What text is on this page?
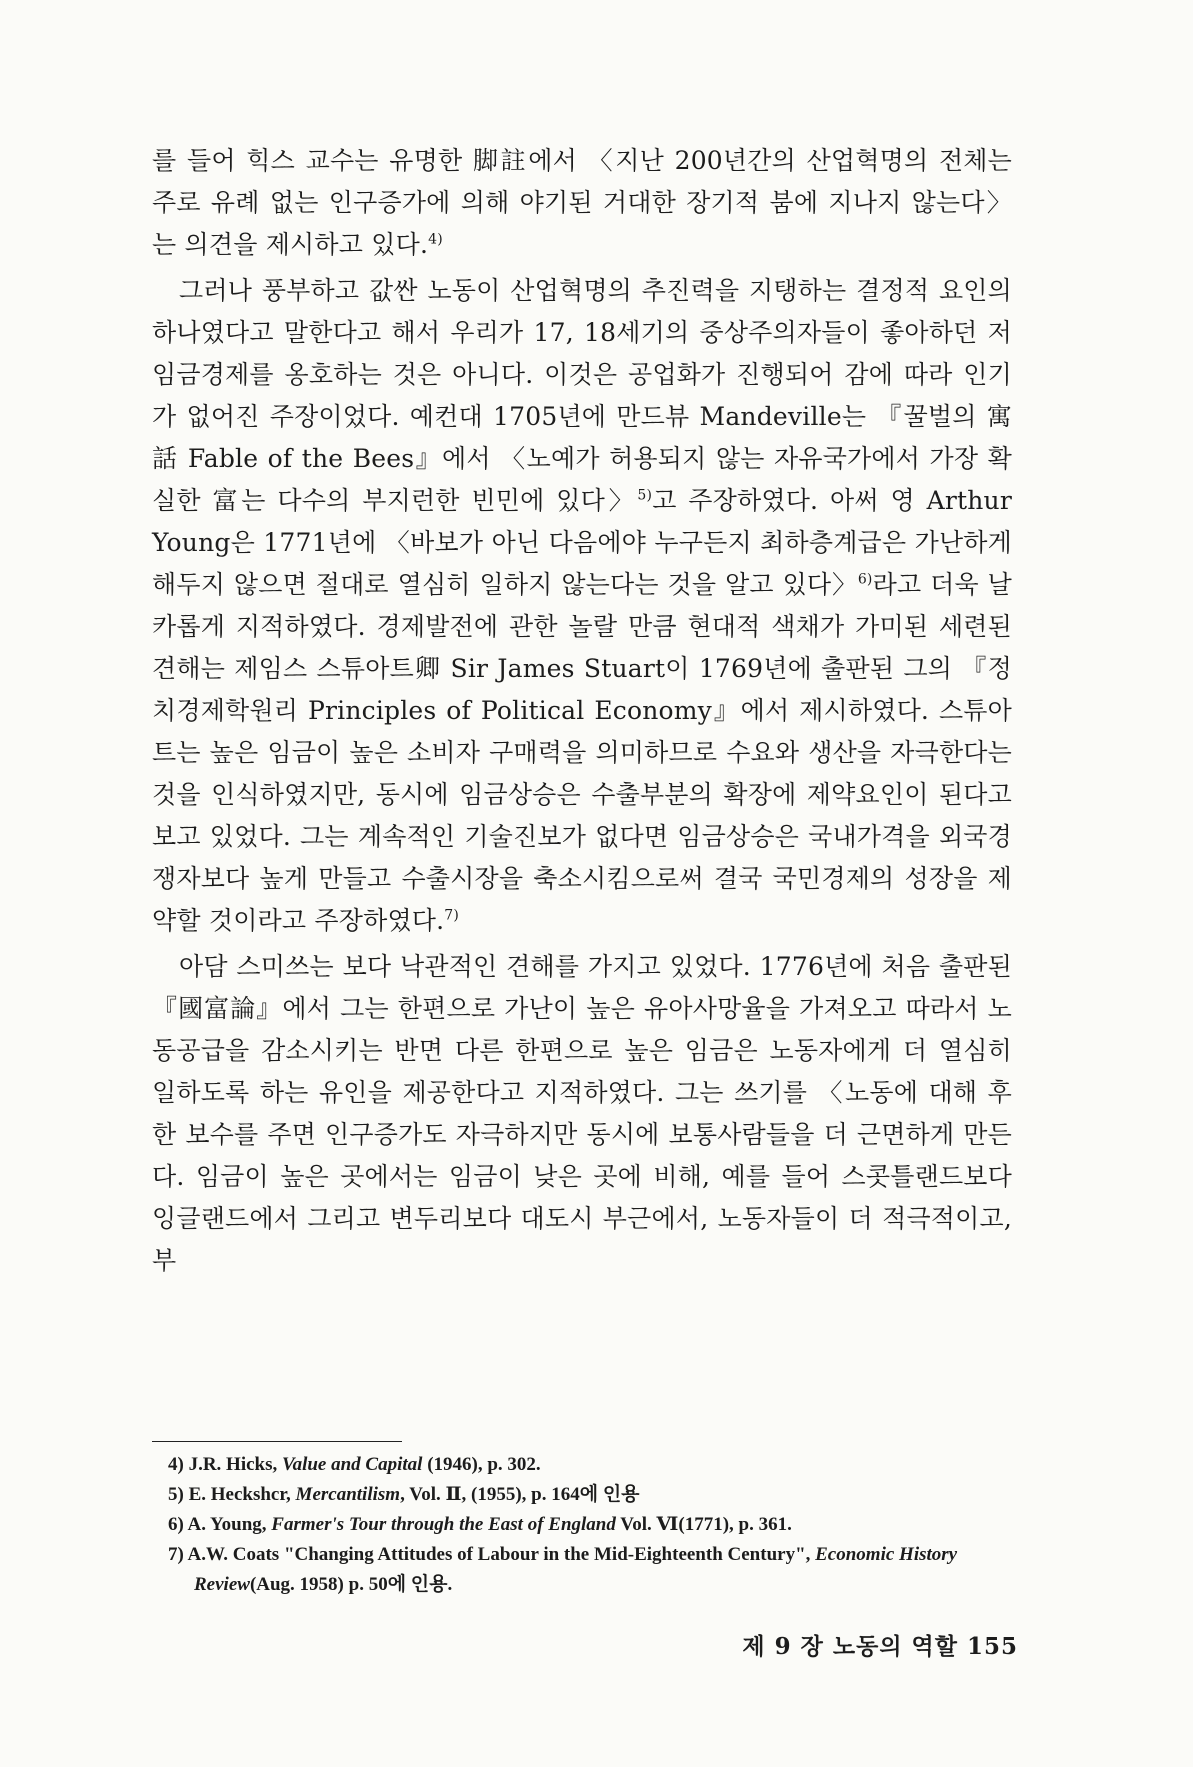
를 들어 힉스 교수는 유명한 脚註에서 〈지난 200년간의 산업혁명의 전체는 주로 유례 없는 인구증가에 의해 야기된 거대한 장기적 붐에 지나지 않는다〉는 의견을 제시하고 있다.$^{4)}$

그러나 풍부하고 값싼 노동이 산업혁명의 추진력을 지탱하는 결정적 요인의 하나였다고 말한다고 해서 우리가 17, 18세기의 중상주의자들이 좋아하던 저임금경제를 옹호하는 것은 아니다. 이것은 공업화가 진행되어 감에 따라 인기가 없어진 주장이었다. 예컨대 1705년에 만드뷰 Mandeville는 『꿀벌의 寓話 Fable of the Bees』에서 〈노예가 허용되지 않는 자유국가에서 가장 확실한 富는 다수의 부지런한 빈민에 있다〉$^{5)}$고 주장하였다. 아써 영 Arthur Young은 1771년에 〈바보가 아닌 다음에야 누구든지 최하층계급은 가난하게 해두지 않으면 절대로 열심히 일하지 않는다는 것을 알고 있다〉$^{6)}$라고 더욱 날카롭게 지적하였다. 경제발전에 관한 놀랄 만큼 현대적 색채가 가미된 세련된 견해는 제임스 스튜아트卿 Sir James Stuart이 1769년에 출판된 그의 『정치경제학원리 Principles of Political Economy』에서 제시하였다. 스튜아트는 높은 임금이 높은 소비자 구매력을 의미하므로 수요와 생산을 자극한다는 것을 인식하였지만, 동시에 임금상승은 수출부분의 확장에 제약요인이 된다고 보고 있었다. 그는 계속적인 기술진보가 없다면 임금상승은 국내가격을 외국경쟁자보다 높게 만들고 수출시장을 축소시킴으로써 결국 국민경제의 성장을 제약할 것이라고 주장하였다.$^{7)}$

아담 스미쓰는 보다 낙관적인 견해를 가지고 있었다. 1776년에 처음 출판된 『國富論』에서 그는 한편으로 가난이 높은 유아사망율을 가져오고 따라서 노동공급을 감소시키는 반면 다른 한편으로 높은 임금은 노동자에게 더 열심히 일하도록 하는 유인을 제공한다고 지적하였다. 그는 쓰기를 〈노동에 대해 후한 보수를 주면 인구증가도 자극하지만 동시에 보통사람들을 더 근면하게 만든다. 임금이 높은 곳에서는 임금이 낮은 곳에 비해, 예를 들어 스콧틀랜드보다 잉글랜드에서 그리고 변두리보다 대도시 부근에서, 노동자들이 더 적극적이고, 부

4) J.R. Hicks, Value and Capital (1946), p. 302.

5) E. Heckshcr, Mercantilism, Vol. Ⅱ, (1955), p. 164에 인용

6) A. Young, Farmer's Tour through the East of England Vol. Ⅵ(1771), p. 361.

7) A.W. Coats "Changing Attitudes of Labour in the Mid-Eighteenth Century", Economic History Review(Aug. 1958) p. 50에 인용.

제 9 장 노동의 역할 155
